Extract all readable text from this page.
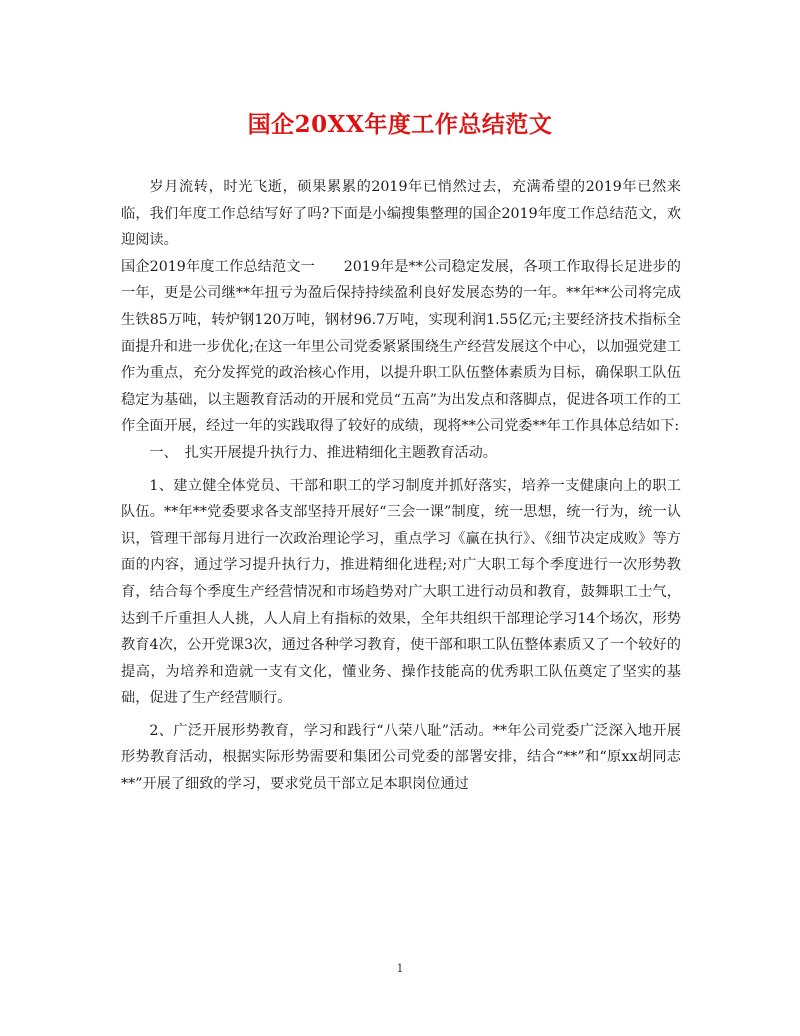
国企20XX年度工作总结范文

岁月流转，时光飞逝，硕果累累的2019年已悄然过去，充满希望的2019年已然来临，我们年度工作总结写好了吗?下面是小编搜集整理的国企2019年度工作总结范文，欢迎阅读。

国企2019年度工作总结范文一　　2019年是**公司稳定发展，各项工作取得长足进步的一年，更是公司继**年扭亏为盈后保持持续盈利良好发展态势的一年。**年**公司将完成生铁85万吨，转炉钢120万吨，钢材96.7万吨，实现利润1.55亿元;主要经济技术指标全面提升和进一步优化;在这一年里公司党委紧紧围绕生产经营发展这个中心，以加强党建工作为重点，充分发挥党的政治核心作用，以提升职工队伍整体素质为目标，确保职工队伍稳定为基础，以主题教育活动的开展和党员“五高”为出发点和落脚点，促进各项工作的工作全面开展，经过一年的实践取得了较好的成绩，现将**公司党委**年工作具体总结如下:

一、　扎实开展提升执行力、推进精细化主题教育活动。

1、建立健全体党员、干部和职工的学习制度并抓好落实，培养一支健康向上的职工队伍。**年**党委要求各支部坚持开展好“三会一课”制度，统一思想，统一行为，统一认识，管理干部每月进行一次政治理论学习，重点学习《赢在执行》、《细节决定成败》等方面的内容，通过学习提升执行力，推进精细化进程;对广大职工每个季度进行一次形势教育，结合每个季度生产经营情况和市场趋势对广大职工进行动员和教育，鼓舞职工士气，达到千斤重担人人挑，人人肩上有指标的效果，全年共组织干部理论学习14个场次，形势教育4次，公开党课3次，通过各种学习教育，使干部和职工队伍整体素质又了一个较好的提高，为培养和造就一支有文化，懂业务、操作技能高的优秀职工队伍奠定了坚实的基础，促进了生产经营顺行。

2、广泛开展形势教育，学习和践行“八荣八耻”活动。**年公司党委广泛深入地开展形势教育活动，根据实际形势需要和集团公司党委的部署安排，结合“**”和“原xx胡同志**”开展了细致的学习，要求党员干部立足本职岗位通过

1
